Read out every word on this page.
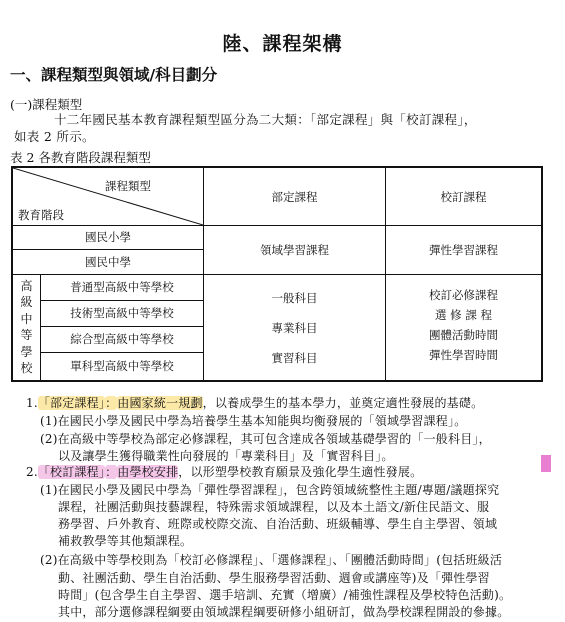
陸、課程架構
一、課程類型與領域/科目劃分
(一)課程類型
十二年國民基本教育課程類型區分為二大類：「部定課程」與「校訂課程」，
如表 2 所示。
表 2 各教育階段課程類型
課程類型
教育階段
部定課程	校訂課程
國民小學
國民中學
領域學習課程	彈性學習課程
高
級
中
等
學
校
普通型高級中等學校
技術型高級中等學校
綜合型高級中等學校
單科型高級中等學校
一般科目
專業科目
實習科目
校訂必修課程
選 修 課 程
團體活動時間
彈性學習時間
1.「部定課程」：由國家統一規劃，以養成學生的基本學力，並奠定適性發展的基礎。
(1)在國民小學及國民中學為培養學生基本知能與均衡發展的「領域學習課程」。
(2)在高級中等學校為部定必修課程，其可包含達成各領域基礎學習的「一般科目」，
以及讓學生獲得職業性向發展的「專業科目」及「實習科目」。
2.「校訂課程」：由學校安排，以形塑學校教育願景及強化學生適性發展。
(1)在國民小學及國民中學為「彈性學習課程」，包含跨領域統整性主題/專題/議題探究
課程，社團活動與技藝課程，特殊需求領域課程，以及本土語文/新住民語文、服
務學習、戶外教育、班際或校際交流、自治活動、班級輔導、學生自主學習、領域
補救教學等其他類課程。
(2)在高級中等學校則為「校訂必修課程」、「選修課程」、「團體活動時間」(包括班級活
動、社團活動、學生自治活動、學生服務學習活動、週會或講座等)及「彈性學習
時間」(包含學生自主學習、選手培訓、充實（增廣）/補強性課程及學校特色活動)。
其中，部分選修課程綱要由領域課程綱要研修小組研訂，做為學校課程開設的參據。
